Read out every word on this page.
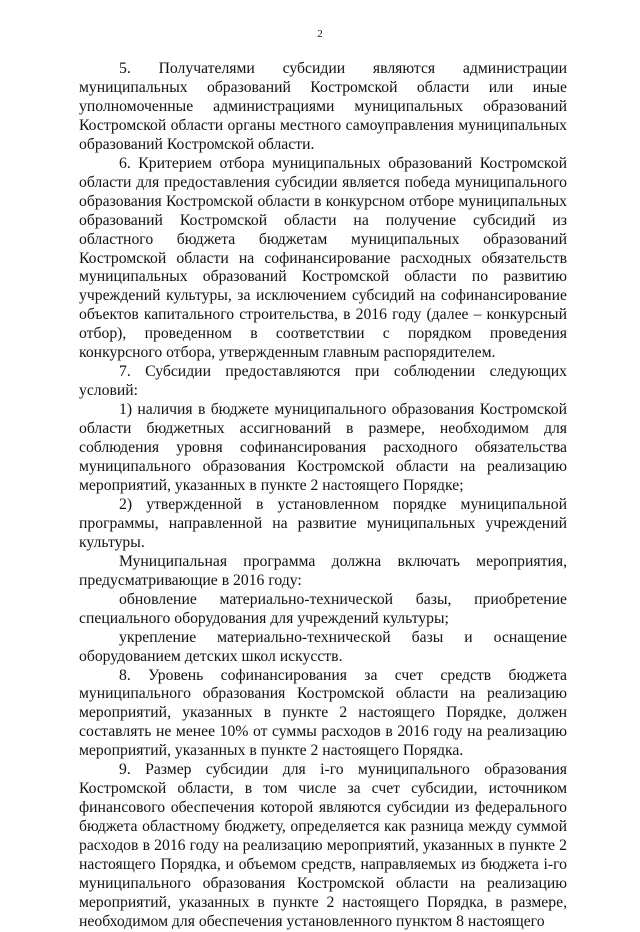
2

5. Получателями субсидии являются администрации муниципальных образований Костромской области или иные уполномоченные администрациями муниципальных образований Костромской области органы местного самоуправления муниципальных образований Костромской области.

6. Критерием отбора муниципальных образований Костромской области для предоставления субсидии является победа муниципального образования Костромской области в конкурсном отборе муниципальных образований Костромской области на получение субсидий из областного бюджета бюджетам муниципальных образований Костромской области на софинансирование расходных обязательств муниципальных образований Костромской области по развитию учреждений культуры, за исключением субсидий на софинансирование объектов капитального строительства, в 2016 году (далее – конкурсный отбор), проведенном в соответствии с порядком проведения конкурсного отбора, утвержденным главным распорядителем.

7. Субсидии предоставляются при соблюдении следующих условий:

1) наличия в бюджете муниципального образования Костромской области бюджетных ассигнований в размере, необходимом для соблюдения уровня софинансирования расходного обязательства муниципального образования Костромской области на реализацию мероприятий, указанных в пункте 2 настоящего Порядке;

2) утвержденной в установленном порядке муниципальной программы, направленной на развитие муниципальных учреждений культуры.

Муниципальная программа должна включать мероприятия, предусматривающие в 2016 году:

обновление материально-технической базы, приобретение специального оборудования для учреждений культуры;

укрепление материально-технической базы и оснащение оборудованием детских школ искусств.

8. Уровень софинансирования за счет средств бюджета муниципального образования Костромской области на реализацию мероприятий, указанных в пункте 2 настоящего Порядке, должен составлять не менее 10% от суммы расходов в 2016 году на реализацию мероприятий, указанных в пункте 2 настоящего Порядка.

9. Размер субсидии для i-го муниципального образования Костромской области, в том числе за счет субсидии, источником финансового обеспечения которой являются субсидии из федерального бюджета областному бюджету, определяется как разница между суммой расходов в 2016 году на реализацию мероприятий, указанных в пункте 2 настоящего Порядка, и объемом средств, направляемых из бюджета i-го муниципального образования Костромской области на реализацию мероприятий, указанных в пункте 2 настоящего Порядка, в размере, необходимом для обеспечения установленного пунктом 8 настоящего
